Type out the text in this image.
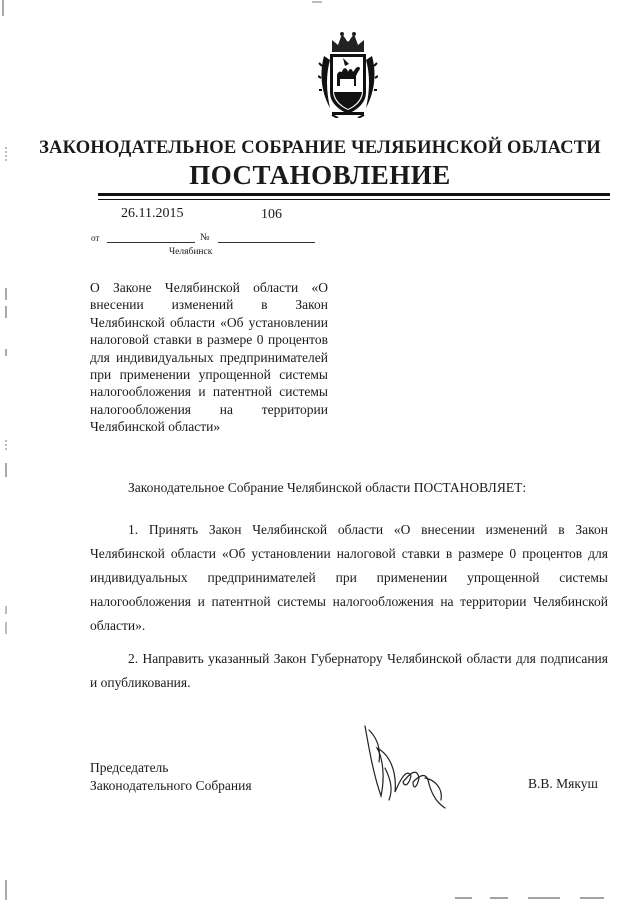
ЗАКОНОДАТЕЛЬНОЕ СОБРАНИЕ ЧЕЛЯБИНСКОЙ ОБЛАСТИ
ПОСТАНОВЛЕНИЕ
26.11.2015	106
от	№
Челябинск
О Законе Челябинской области «О внесении изменений в Закон Челябинской области «Об установлении налоговой ставки в размере 0 процентов для индивидуальных предпринимателей при применении упрощенной системы налогообложения и патентной системы налогообложения на территории Челябинской области»
Законодательное Собрание Челябинской области ПОСТАНОВЛЯЕТ:

1. Принять Закон Челябинской области «О внесении изменений в Закон Челябинской области «Об установлении налоговой ставки в размере 0 процентов для индивидуальных предпринимателей при применении упрощенной системы налогообложения и патентной системы налогообложения на территории Челябинской области».

2. Направить указанный Закон Губернатору Челябинской области для подписания и опубликования.

Председатель
Законодательного Собрания	В.В. Мякуш
